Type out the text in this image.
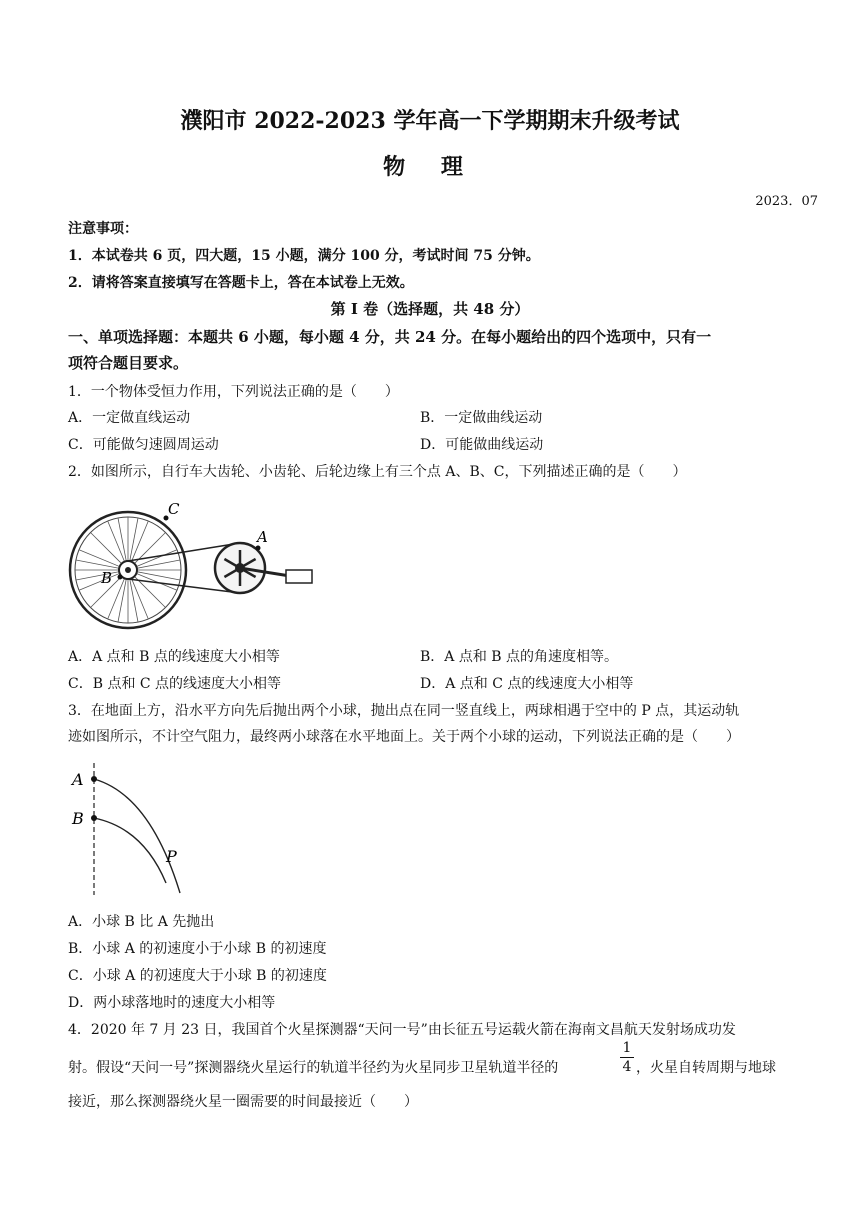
濮阳市 2022-2023 学年高一下学期期末升级考试
物 理
2023．07
注意事项：
1．本试卷共 6 页，四大题，15 小题，满分 100 分，考试时间 75 分钟。
2．请将答案直接填写在答题卡上，答在本试卷上无效。
第 I 卷（选择题，共 48 分）
一、单项选择题：本题共 6 小题，每小题 4 分，共 24 分。在每小题给出的四个选项中，只有一
项符合题目要求。
1．一个物体受恒力作用，下列说法正确的是（　　）
A．一定做直线运动	B．一定做曲线运动
C．可能做匀速圆周运动	D．可能做曲线运动
2．如图所示，自行车大齿轮、小齿轮、后轮边缘上有三个点 A、B、C，下列描述正确的是（　　）
C
A
B
A．A 点和 B 点的线速度大小相等	B．A 点和 B 点的角速度相等。
C．B 点和 C 点的线速度大小相等	D．A 点和 C 点的线速度大小相等
3．在地面上方，沿水平方向先后抛出两个小球，抛出点在同一竖直线上，两球相遇于空中的 P 点，其运动轨
迹如图所示，不计空气阻力，最终两小球落在水平地面上。关于两个小球的运动，下列说法正确的是（　　）
A
B
P
A．小球 B 比 A 先抛出
B．小球 A 的初速度小于小球 B 的初速度
C．小球 A 的初速度大于小球 B 的初速度
D．两小球落地时的速度大小相等
4．2020 年 7 月 23 日，我国首个火星探测器“天问一号”由长征五号运载火箭在海南文昌航天发射场成功发
射。假设“天问一号”探测器绕火星运行的轨道半径约为火星同步卫星轨道半径的
1
4 ，火星自转周期与地球
接近，那么探测器绕火星一圈需要的时间最接近（　　）
